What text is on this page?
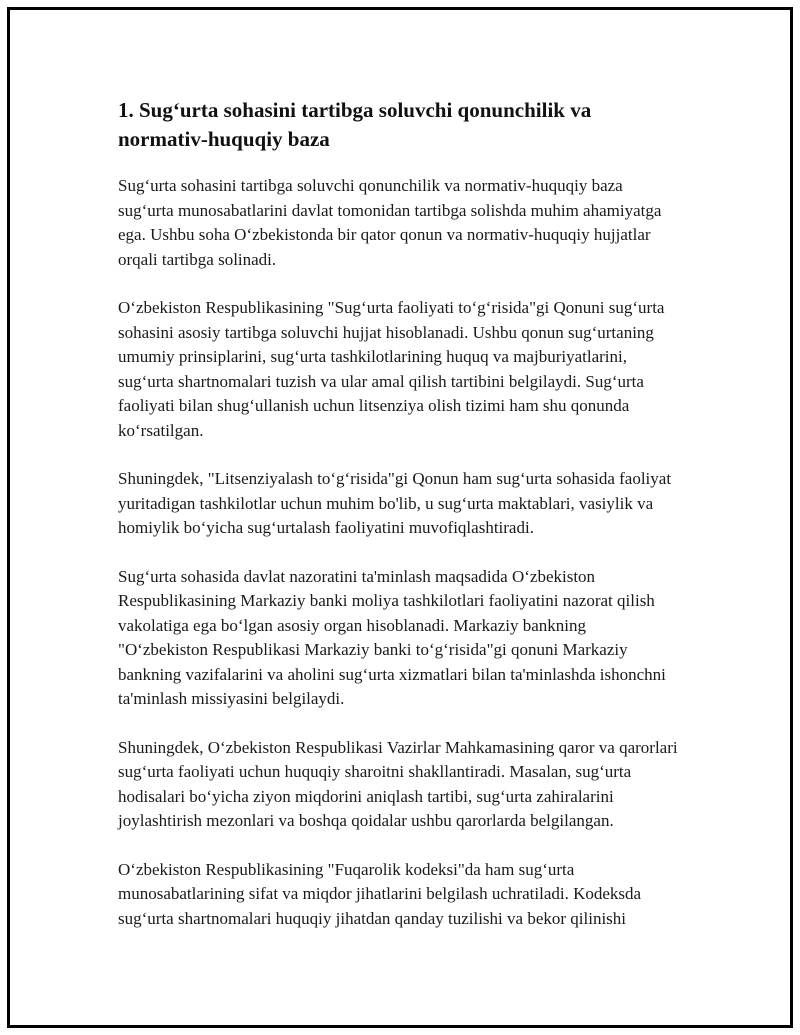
1. Sug‘urta sohasini tartibga soluvchi qonunchilik va normativ-huquqiy baza

Sug‘urta sohasini tartibga soluvchi qonunchilik va normativ-huquqiy baza sug‘urta munosabatlarini davlat tomonidan tartibga solishda muhim ahamiyatga ega. Ushbu soha O‘zbekistonda bir qator qonun va normativ-huquqiy hujjatlar orqali tartibga solinadi.

O‘zbekiston Respublikasining "Sug‘urta faoliyati to‘g‘risida"gi Qonuni sug‘urta sohasini asosiy tartibga soluvchi hujjat hisoblanadi. Ushbu qonun sug‘urtaning umumiy prinsiplarini, sug‘urta tashkilotlarining huquq va majburiyatlarini, sug‘urta shartnomalari tuzish va ular amal qilish tartibini belgilaydi. Sug‘urta faoliyati bilan shug‘ullanish uchun litsenziya olish tizimi ham shu qonunda ko‘rsatilgan.

Shuningdek, "Litsenziyalash to‘g‘risida"gi Qonun ham sug‘urta sohasida faoliyat yuritadigan tashkilotlar uchun muhim bo'lib, u sug‘urta maktablari, vasiylik va homiylik bo‘yicha sug‘urtalash faoliyatini muvofiqlashtiradi.

Sug‘urta sohasida davlat nazoratini ta'minlash maqsadida O‘zbekiston Respublikasining Markaziy banki moliya tashkilotlari faoliyatini nazorat qilish vakolatiga ega bo‘lgan asosiy organ hisoblanadi. Markaziy bankning "O‘zbekiston Respublikasi Markaziy banki to‘g‘risida"gi qonuni Markaziy bankning vazifalarini va aholini sug‘urta xizmatlari bilan ta'minlashda ishonchni ta'minlash missiyasini belgilaydi.

Shuningdek, O‘zbekiston Respublikasi Vazirlar Mahkamasining qaror va qarorlari sug‘urta faoliyati uchun huquqiy sharoitni shakllantiradi. Masalan, sug‘urta hodisalari bo‘yicha ziyon miqdorini aniqlash tartibi, sug‘urta zahiralarini joylashtirish mezonlari va boshqa qoidalar ushbu qarorlarda belgilangan.

O‘zbekiston Respublikasining "Fuqarolik kodeksi"da ham sug‘urta munosabatlarining sifat va miqdor jihatlarini belgilash uchratiladi. Kodeksda sug‘urta shartnomalari huquqiy jihatdan qanday tuzilishi va bekor qilinishi
